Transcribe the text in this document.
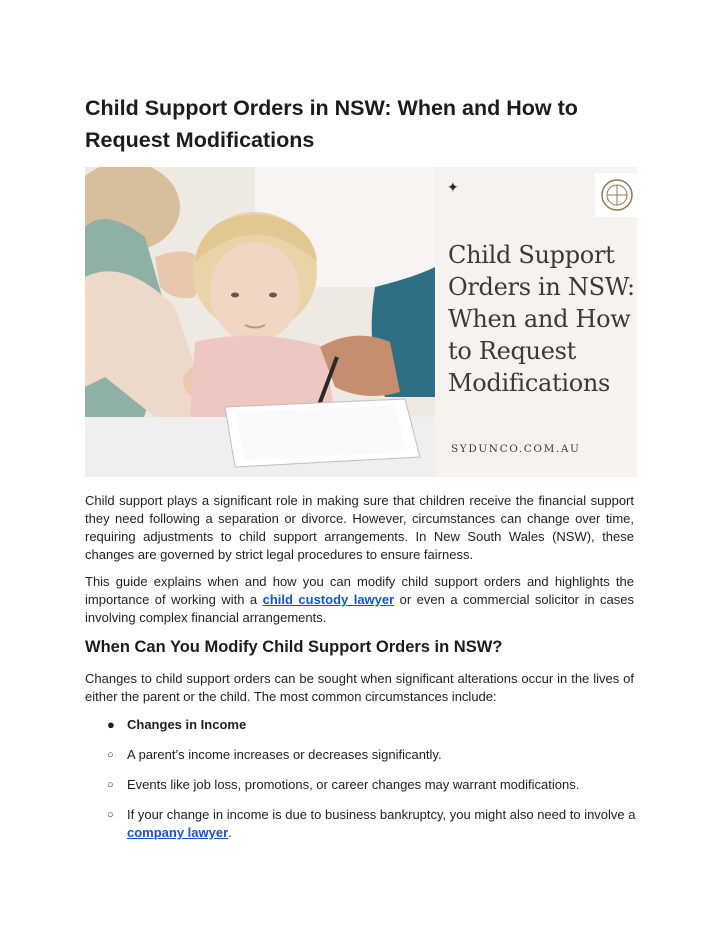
Child Support Orders in NSW: When and How to Request Modifications
✦
Child Support
Orders in NSW:
When and How
to Request
Modifications
SYDUNCO.COM.AU

Child support plays a significant role in making sure that children receive the financial support they need following a separation or divorce. However, circumstances can change over time, requiring adjustments to child support arrangements. In New South Wales (NSW), these changes are governed by strict legal procedures to ensure fairness.

This guide explains when and how you can modify child support orders and highlights the importance of working with a child custody lawyer or even a commercial solicitor in cases involving complex financial arrangements.

When Can You Modify Child Support Orders in NSW?

Changes to child support orders can be sought when significant alterations occur in the lives of either the parent or the child. The most common circumstances include:

● Changes in Income
○	A parent’s income increases or decreases significantly.
○	Events like job loss, promotions, or career changes may warrant modifications.
○	If your change in income is due to business bankruptcy, you might also need to involve a
company lawyer.
